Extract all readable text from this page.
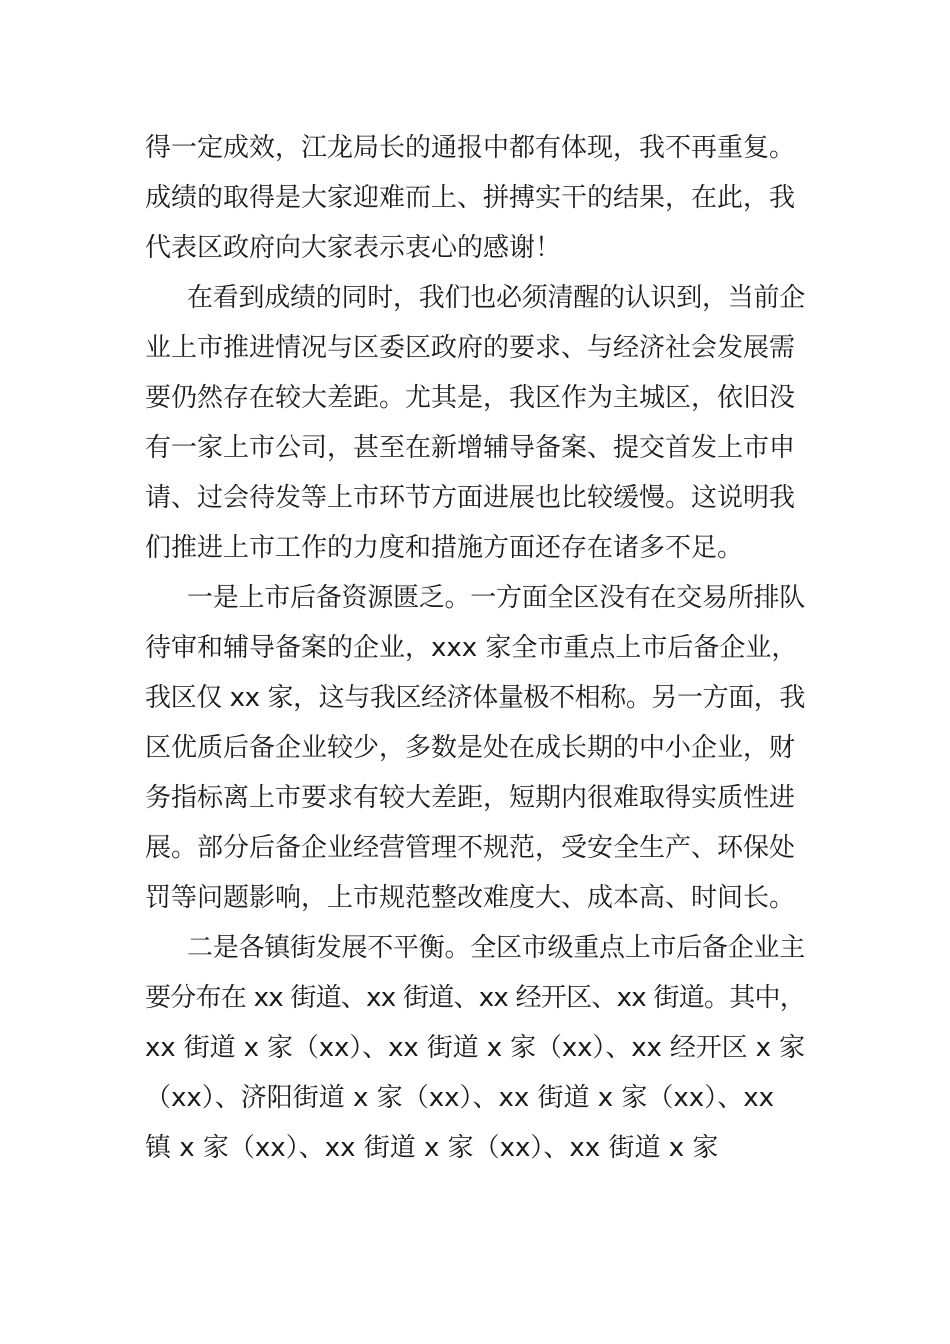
得一定成效，江龙局长的通报中都有体现，我不再重复。
成绩的取得是大家迎难而上、拼搏实干的结果，在此，我
代表区政府向大家表示衷心的感谢！
在看到成绩的同时，我们也必须清醒的认识到，当前企
业上市推进情况与区委区政府的要求、与经济社会发展需
要仍然存在较大差距。尤其是，我区作为主城区，依旧没
有一家上市公司，甚至在新增辅导备案、提交首发上市申
请、过会待发等上市环节方面进展也比较缓慢。这说明我
们推进上市工作的力度和措施方面还存在诸多不足。
一是上市后备资源匮乏。一方面全区没有在交易所排队
待审和辅导备案的企业，xxx 家全市重点上市后备企业，
我区仅 xx 家，这与我区经济体量极不相称。另一方面，我
区优质后备企业较少，多数是处在成长期的中小企业，财
务指标离上市要求有较大差距，短期内很难取得实质性进
展。部分后备企业经营管理不规范，受安全生产、环保处
罚等问题影响，上市规范整改难度大、成本高、时间长。
二是各镇街发展不平衡。全区市级重点上市后备企业主
要分布在 xx 街道、xx 街道、xx 经开区、xx 街道。其中，
xx 街道 x 家（xx）、xx 街道 x 家（xx）、xx 经开区 x 家
（xx）、济阳街道 x 家（xx）、xx 街道 x 家（xx）、xx
镇 x 家（xx）、xx 街道 x 家（xx）、xx 街道 x 家
